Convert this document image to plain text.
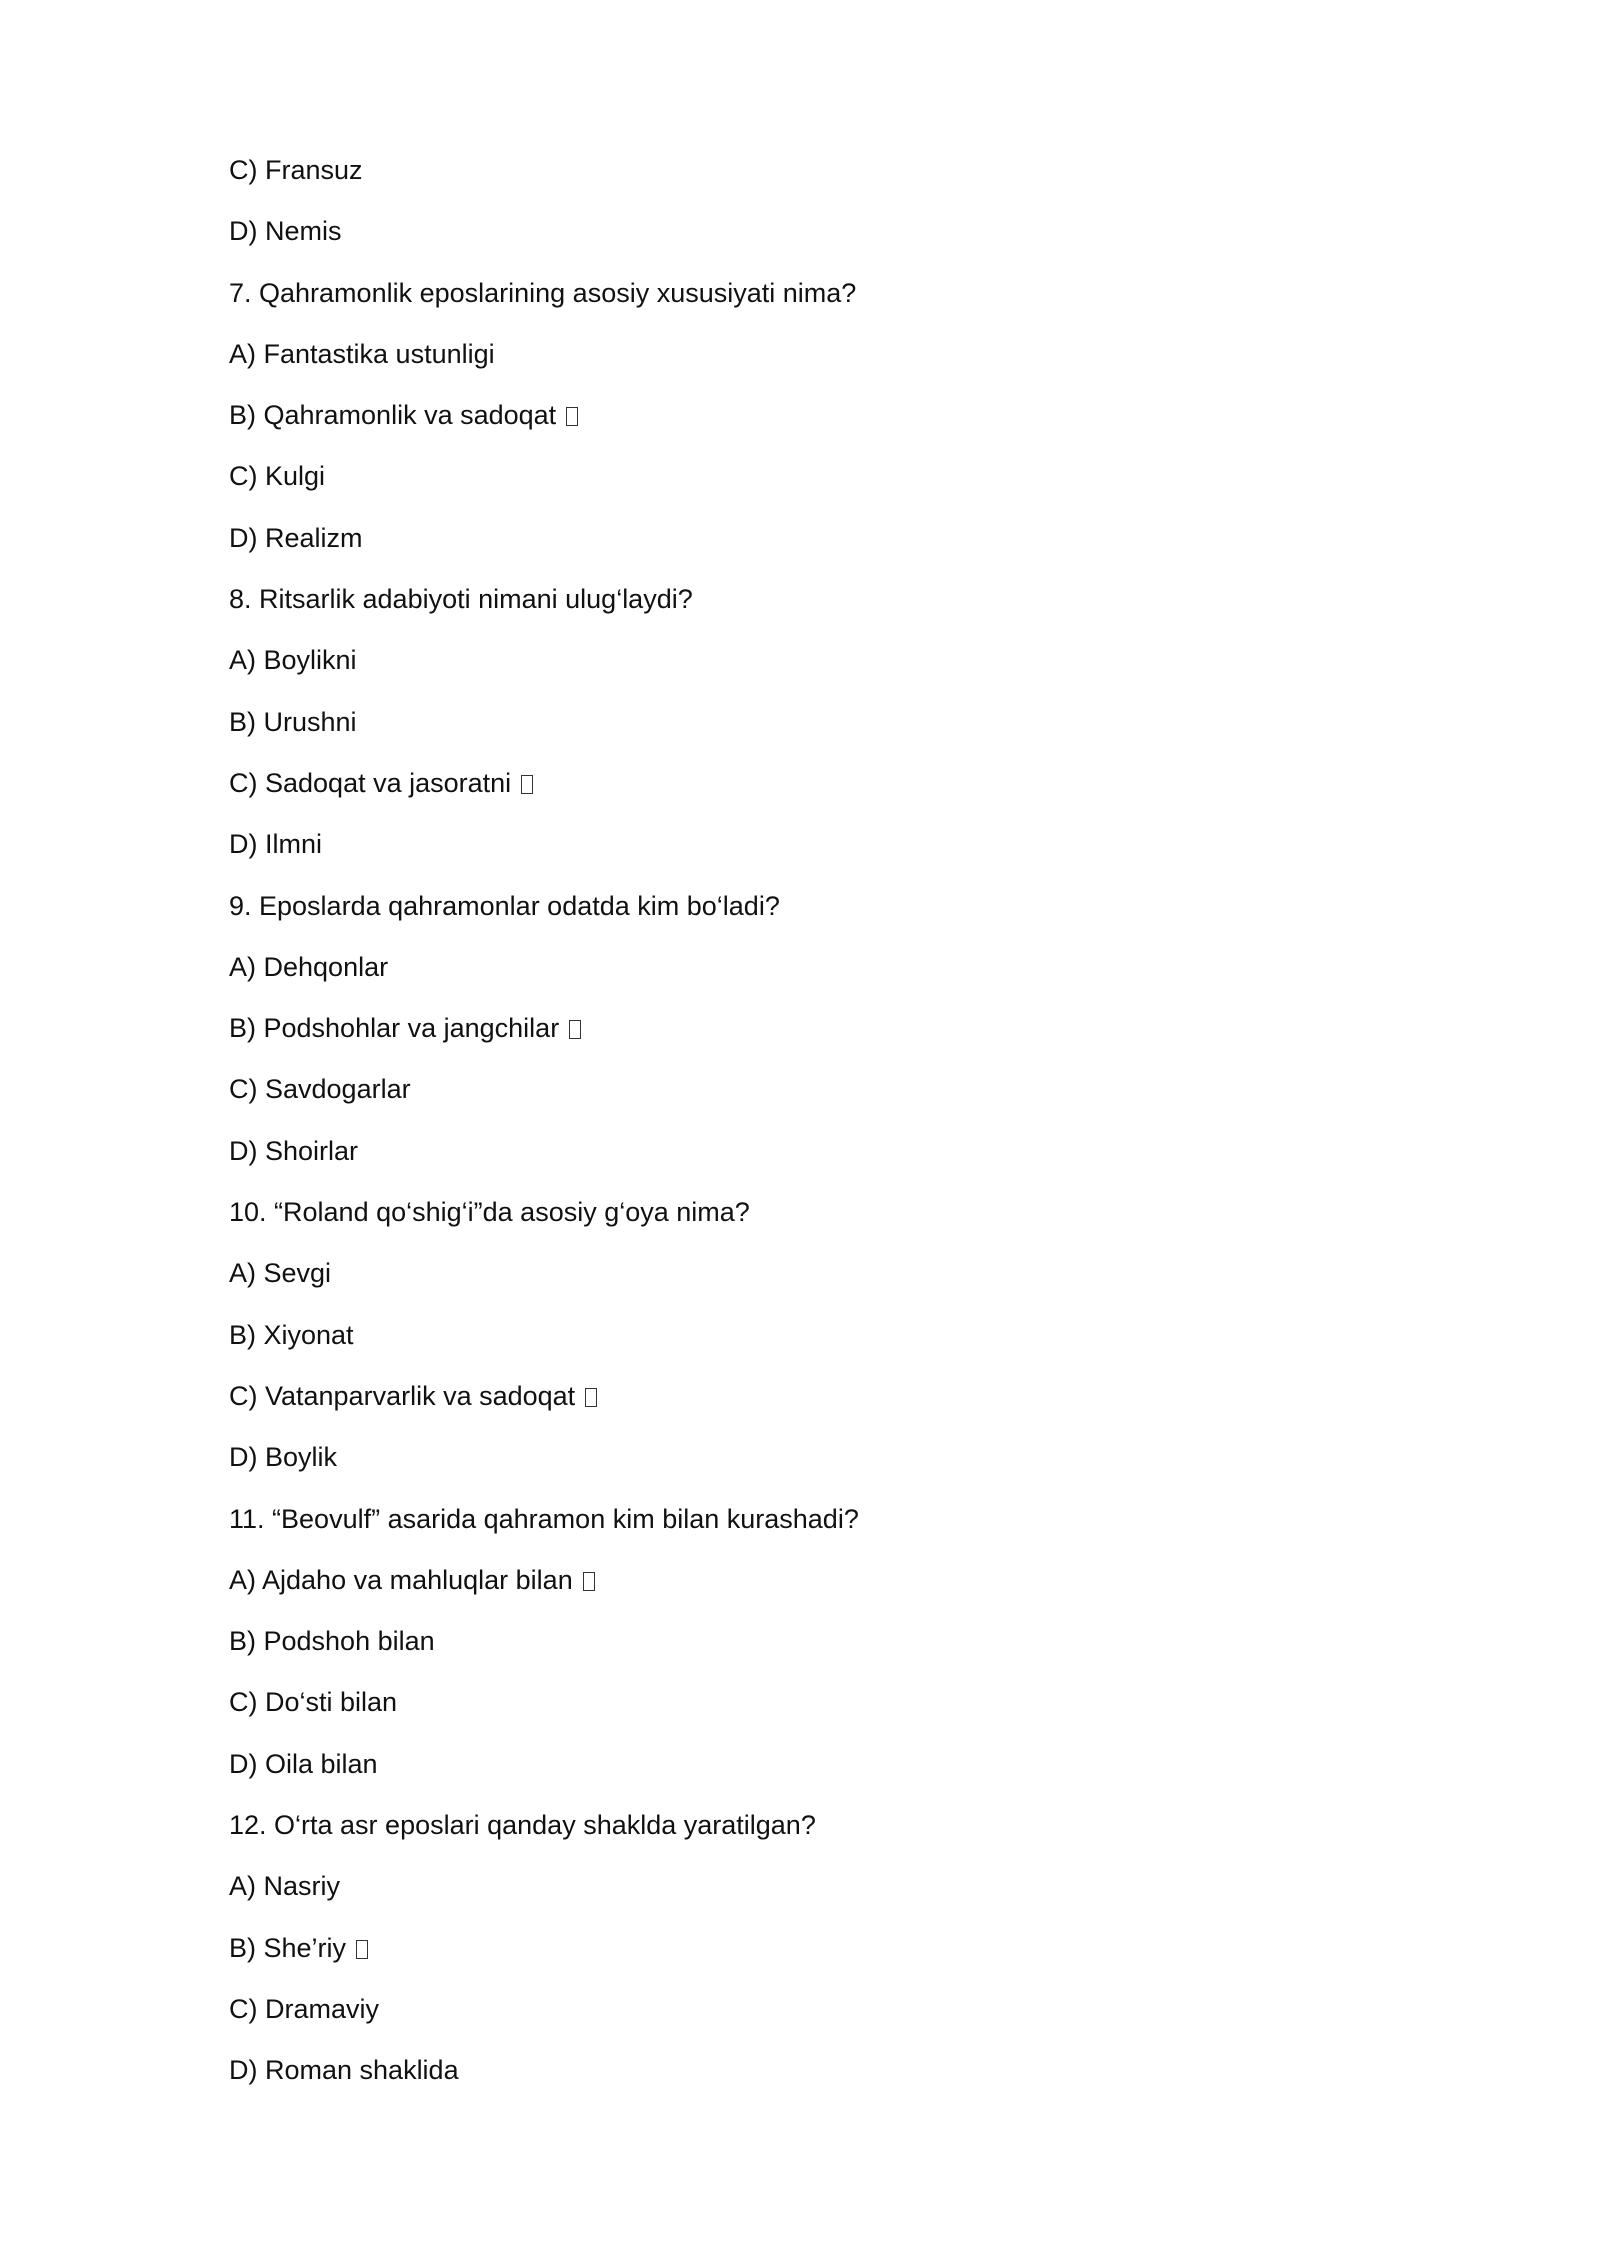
C) Fransuz
D) Nemis
7. Qahramonlik eposlarining asosiy xususiyati nima?
A) Fantastika ustunligi
B) Qahramonlik va sadoqat
C) Kulgi
D) Realizm
8. Ritsarlik adabiyoti nimani ulug‘laydi?
A) Boylikni
B) Urushni
C) Sadoqat va jasoratni
D) Ilmni
9. Eposlarda qahramonlar odatda kim bo‘ladi?
A) Dehqonlar
B) Podshohlar va jangchilar
C) Savdogarlar
D) Shoirlar
10. “Roland qo‘shig‘i”da asosiy g‘oya nima?
A) Sevgi
B) Xiyonat
C) Vatanparvarlik va sadoqat
D) Boylik
11. “Beovulf” asarida qahramon kim bilan kurashadi?
A) Ajdaho va mahluqlar bilan
B) Podshoh bilan
C) Do‘sti bilan
D) Oila bilan
12. O‘rta asr eposlari qanday shaklda yaratilgan?
A) Nasriy
B) She’riy
C) Dramaviy
D) Roman shaklida
